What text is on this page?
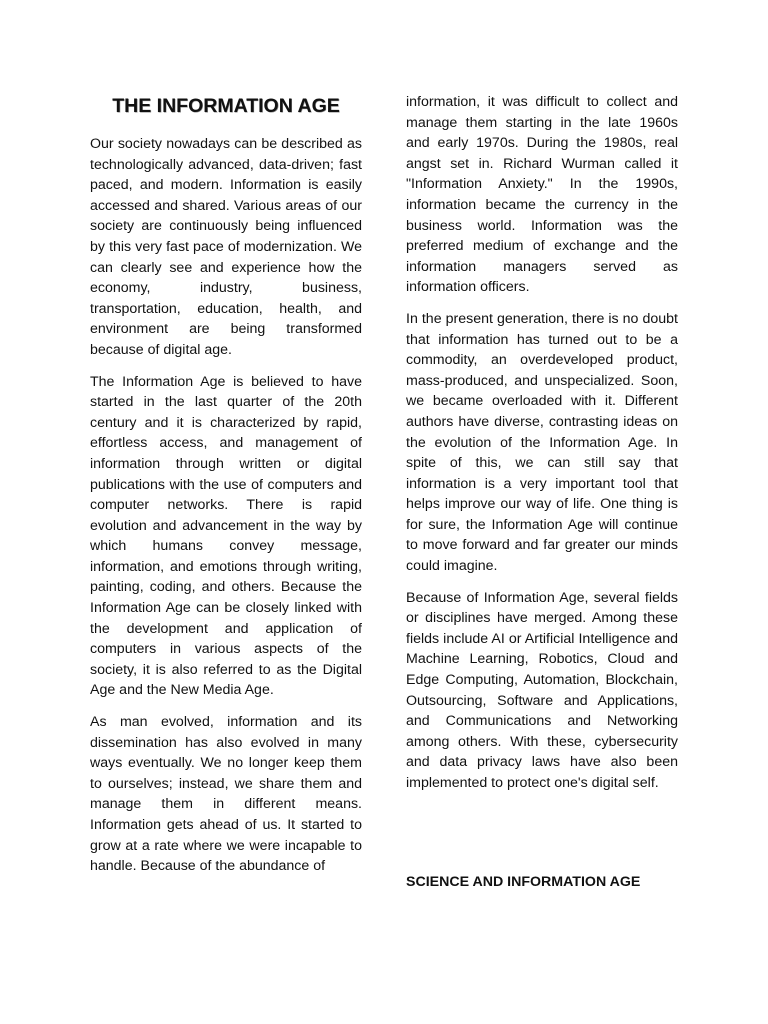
THE INFORMATION AGE

Our society nowadays can be described as technologically advanced, data-driven; fast paced, and modern. Information is easily accessed and shared. Various areas of our society are continuously being influenced by this very fast pace of modernization. We can clearly see and experience how the economy, industry, business, transportation, education, health, and environment are being transformed because of digital age.

The Information Age is believed to have started in the last quarter of the 20th century and it is characterized by rapid, effortless access, and management of information through written or digital publications with the use of computers and computer networks. There is rapid evolution and advancement in the way by which humans convey message, information, and emotions through writing, painting, coding, and others. Because the Information Age can be closely linked with the development and application of computers in various aspects of the society, it is also referred to as the Digital Age and the New Media Age.

As man evolved, information and its dissemination has also evolved in many ways eventually. We no longer keep them to ourselves; instead, we share them and manage them in different means. Information gets ahead of us. It started to grow at a rate where we were incapable to handle. Because of the abundance of

information, it was difficult to collect and manage them starting in the late 1960s and early 1970s. During the 1980s, real angst set in. Richard Wurman called it "Information Anxiety." In the 1990s, information became the currency in the business world. Information was the preferred medium of exchange and the information managers served as information officers.

In the present generation, there is no doubt that information has turned out to be a commodity, an overdeveloped product, mass-produced, and unspecialized. Soon, we became overloaded with it. Different authors have diverse, contrasting ideas on the evolution of the Information Age. In spite of this, we can still say that information is a very important tool that helps improve our way of life. One thing is for sure, the Information Age will continue to move forward and far greater our minds could imagine.

Because of Information Age, several fields or disciplines have merged. Among these fields include AI or Artificial Intelligence and Machine Learning, Robotics, Cloud and Edge Computing, Automation, Blockchain, Outsourcing, Software and Applications, and Communications and Networking among others. With these, cybersecurity and data privacy laws have also been implemented to protect one's digital self.

SCIENCE AND INFORMATION AGE
